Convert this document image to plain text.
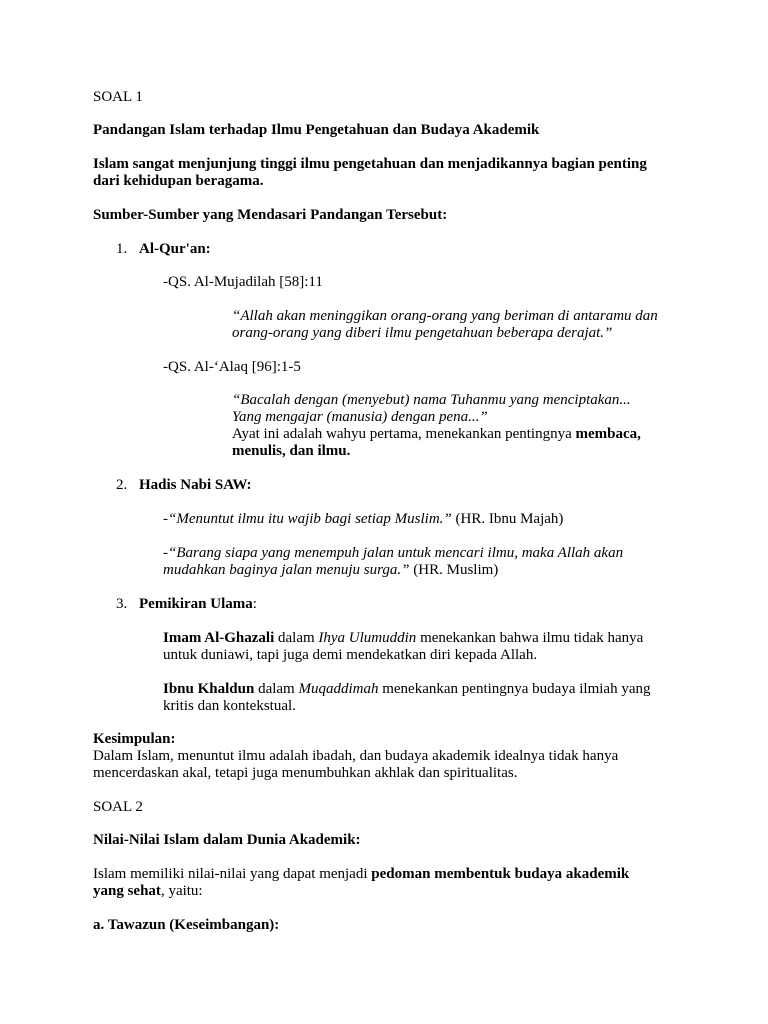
SOAL 1

Pandangan Islam terhadap Ilmu Pengetahuan dan Budaya Akademik

Islam sangat menjunjung tinggi ilmu pengetahuan dan menjadikannya bagian penting

dari kehidupan beragama.

Sumber-Sumber yang Mendasari Pandangan Tersebut:

1. Al-Qur'an:

-QS. Al-Mujadilah [58]:11

“Allah akan meninggikan orang-orang yang beriman di antaramu dan

orang-orang yang diberi ilmu pengetahuan beberapa derajat.”

-QS. Al-‘Alaq [96]:1-5

“Bacalah dengan (menyebut) nama Tuhanmu yang menciptakan...

Yang mengajar (manusia) dengan pena...”

Ayat ini adalah wahyu pertama, menekankan pentingnya membaca,

menulis, dan ilmu.

2. Hadis Nabi SAW:

-“Menuntut ilmu itu wajib bagi setiap Muslim.” (HR. Ibnu Majah)

-“Barang siapa yang menempuh jalan untuk mencari ilmu, maka Allah akan

mudahkan baginya jalan menuju surga.” (HR. Muslim)

3. Pemikiran Ulama:

Imam Al-Ghazali dalam Ihya Ulumuddin menekankan bahwa ilmu tidak hanya

untuk duniawi, tapi juga demi mendekatkan diri kepada Allah.

Ibnu Khaldun dalam Muqaddimah menekankan pentingnya budaya ilmiah yang

kritis dan kontekstual.

Kesimpulan:

Dalam Islam, menuntut ilmu adalah ibadah, dan budaya akademik idealnya tidak hanya

mencerdaskan akal, tetapi juga menumbuhkan akhlak dan spiritualitas.

SOAL 2

Nilai-Nilai Islam dalam Dunia Akademik:

Islam memiliki nilai-nilai yang dapat menjadi pedoman membentuk budaya akademik

yang sehat, yaitu:

a. Tawazun (Keseimbangan):
